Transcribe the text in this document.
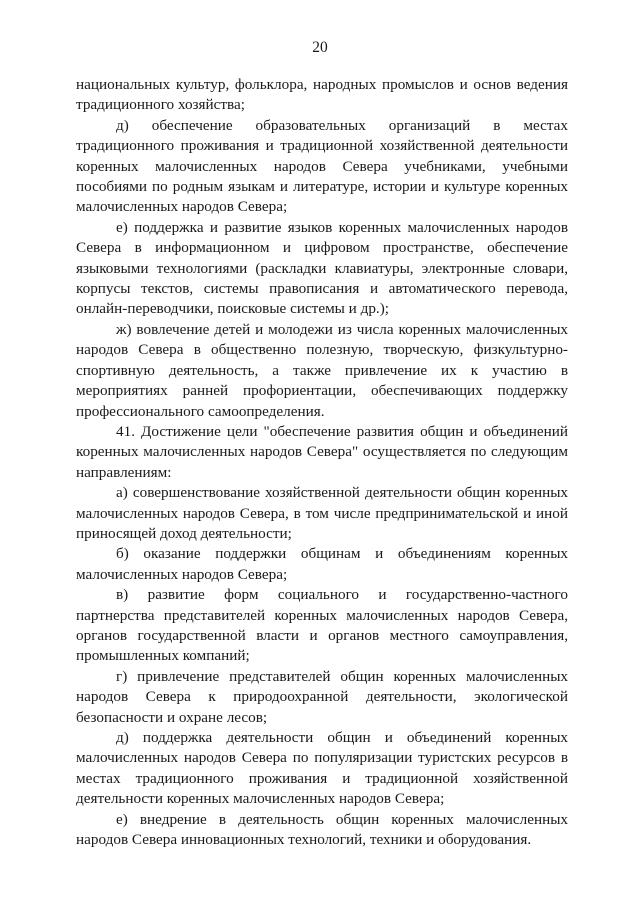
20

национальных культур, фольклора, народных промыслов и основ ведения традиционного хозяйства;

д) обеспечение образовательных организаций в местах традиционного проживания и традиционной хозяйственной деятельности коренных малочисленных народов Севера учебниками, учебными пособиями по родным языкам и литературе, истории и культуре коренных малочисленных народов Севера;

е) поддержка и развитие языков коренных малочисленных народов Севера в информационном и цифровом пространстве, обеспечение языковыми технологиями (раскладки клавиатуры, электронные словари, корпусы текстов, системы правописания и автоматического перевода, онлайн-переводчики, поисковые системы и др.);

ж) вовлечение детей и молодежи из числа коренных малочисленных народов Севера в общественно полезную, творческую, физкультурно-спортивную деятельность, а также привлечение их к участию в мероприятиях ранней профориентации, обеспечивающих поддержку профессионального самоопределения.

41. Достижение цели "обеспечение развития общин и объединений коренных малочисленных народов Севера" осуществляется по следующим направлениям:

а) совершенствование хозяйственной деятельности общин коренных малочисленных народов Севера, в том числе предпринимательской и иной приносящей доход деятельности;

б) оказание поддержки общинам и объединениям коренных малочисленных народов Севера;

в) развитие форм социального и государственно-частного партнерства представителей коренных малочисленных народов Севера, органов государственной власти и органов местного самоуправления, промышленных компаний;

г) привлечение представителей общин коренных малочисленных народов Севера к природоохранной деятельности, экологической безопасности и охране лесов;

д) поддержка деятельности общин и объединений коренных малочисленных народов Севера по популяризации туристских ресурсов в местах традиционного проживания и традиционной хозяйственной деятельности коренных малочисленных народов Севера;

е) внедрение в деятельность общин коренных малочисленных народов Севера инновационных технологий, техники и оборудования.
